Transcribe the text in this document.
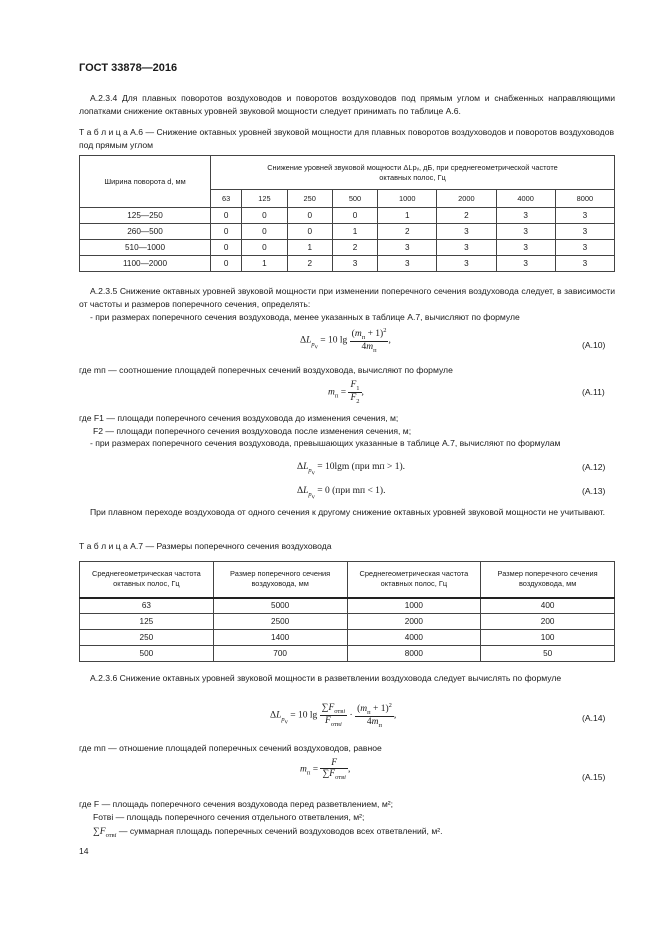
ГОСТ 33878—2016
А.2.3.4 Для плавных поворотов воздуховодов и поворотов воздуховодов под прямым углом и снабженных направляющими лопатками снижение октавных уровней звуковой мощности следует принимать по таблице А.6.
Т а б л и ц а А.6 — Снижение октавных уровней звуковой мощности для плавных поворотов воздуховодов и поворотов воздуховодов под прямым углом
Ширина поворота d, мм	Снижение уровней звуковой мощности ΔLpᵥ, дБ, при среднегеометрической частоте октавных полос, Гц							
	63	125	250	500	1000	2000	4000	8000
125—250	0	0	0	0	1	2	3	3
260—500	0	0	0	1	2	3	3	3
510—1000	0	0	1	2	3	3	3	3
1100—2000	0	1	2	3	3	3	3	3
А.2.3.5 Снижение октавных уровней звуковой мощности при изменении поперечного сечения воздуховода следует, в зависимости от частоты и размеров поперечного сечения, определять:
- при размерах поперечного сечения воздуховода, менее указанных в таблице А.7, вычисляют по формуле
$\Delta L_{p_v} = 10$ $\lg \frac{(m_п + 1)^2}{4m_п}$ ,	(А.10)
где mп — соотношение площадей поперечных сечений воздуховода, вычисляют по формуле
$m_п = \frac{F_1}{F_2}$ ,	(А.11)
где F1 — площади поперечного сечения воздуховода до изменения сечения, м;
F2 — площади поперечного сечения воздуховода после изменения сечения, м;
- при размерах поперечного сечения воздуховода, превышающих указанные в таблице А.7, вычисляют по формулам
$\Delta L_{p_v} = 10\lg m$ (при mп > 1).	(А.12)
$\Delta L_{p_v} = 0$ (при mп < 1).	(А.13)
При плавном переходе воздуховода от одного сечения к другому снижение октавных уровней звуковой мощности не учитывают.
Т а б л и ц а А.7 — Размеры поперечного сечения воздуховода
Среднегеометрическая частота октавных полос, Гц	Размер поперечного сечения воздуховода, мм	Среднегеометрическая частота октавных полос, Гц	Размер поперечного сечения воздуховода, мм
63	5000	1000	400
125	2500	2000	200
250	1400	4000	100
500	700	8000	50
А.2.3.6 Снижение октавных уровней звуковой мощности в разветвлении воздуховода следует вычислять по формуле
$\Delta L_{p_v} = 10$ $\lg \frac{\sum F_{отвi}}{F_{отвi}} \cdot \frac{(m_п + 1)^2}{4m_п}$ ,	(А.14)
где mп — отношение площадей поперечных сечений воздуховодов, равное
$m_п = \frac{F}{\sum F_{отвi}}$ ,
(А.15)
где F — площадь поперечного сечения воздуховода перед разветвлением, м²;
Fотвi — площадь поперечного сечения отдельного ответвления, м²;
$\sum F_{отвi}$ — суммарная площадь поперечных сечений воздуховодов всех ответвлений, м².
14
